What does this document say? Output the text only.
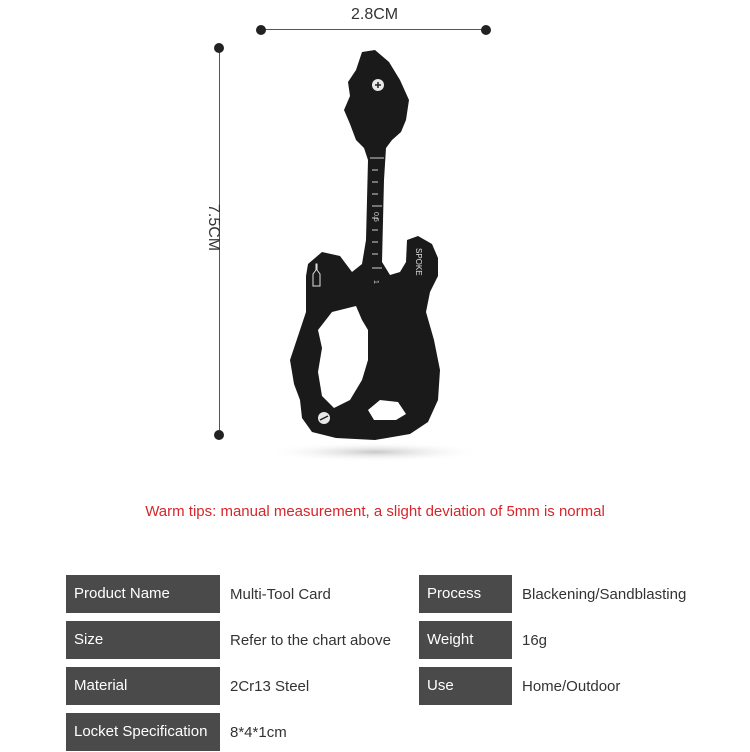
2.8CM
7.5CM	0.5
1
SPOKE
Warm tips: manual measurement, a slight deviation of 5mm is normal
Product Name	Multi-Tool Card
Size	Refer to the chart above
Material	2Cr13 Steel
Locket Specification	8*4*1cm
Process	Blackening/Sandblasting
Weight	16g
Use	Home/Outdoor
